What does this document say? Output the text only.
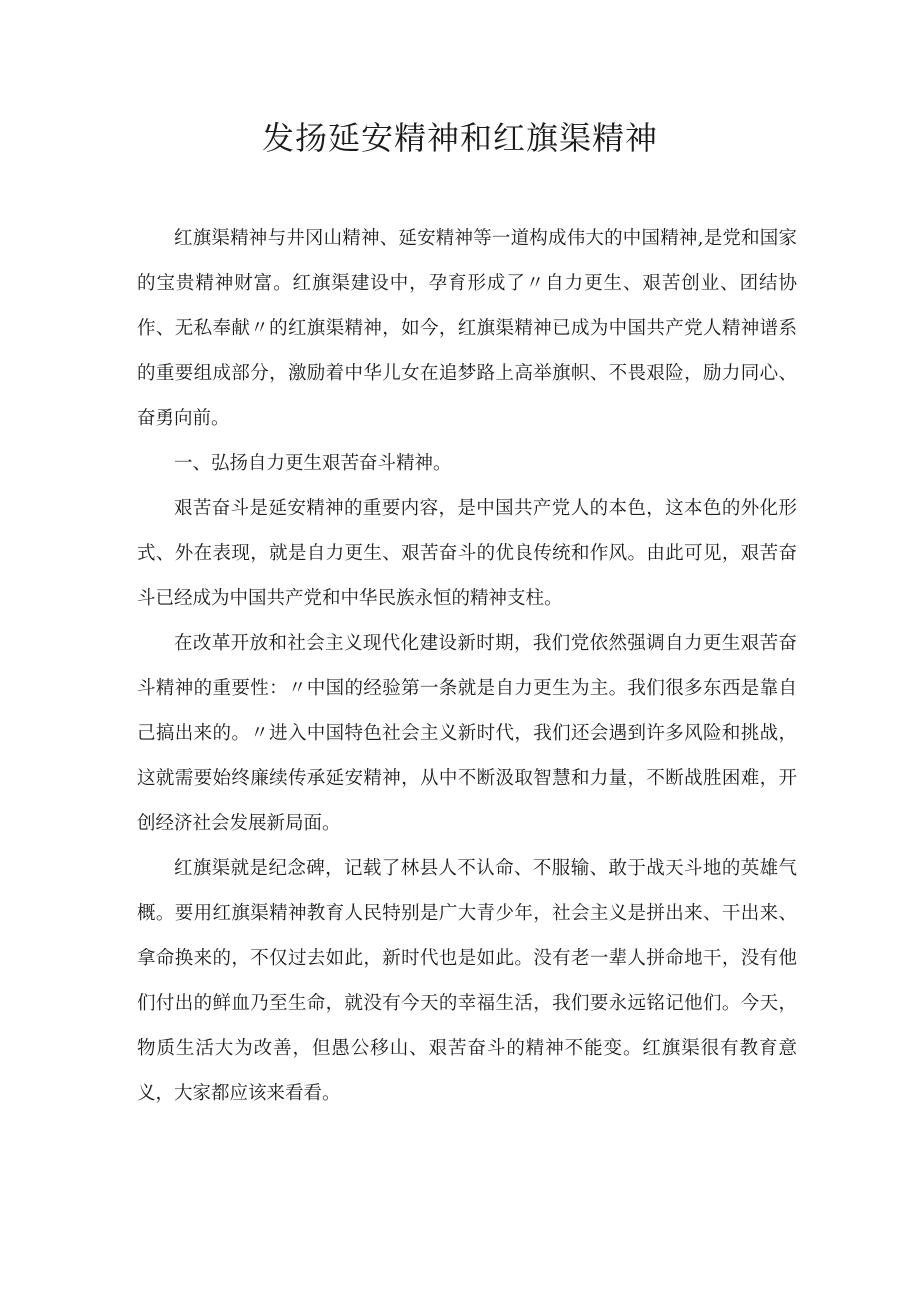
发扬延安精神和红旗渠精神

红旗渠精神与井冈山精神、延安精神等一道构成伟大的中国精神,是党和国家的宝贵精神财富。红旗渠建设中，孕育形成了〃自力更生、艰苦创业、团结协作、无私奉献〃的红旗渠精神，如今，红旗渠精神已成为中国共产党人精神谱系的重要组成部分，激励着中华儿女在追梦路上高举旗帜、不畏艰险，励力同心、奋勇向前。

一、弘扬自力更生艰苦奋斗精神。

艰苦奋斗是延安精神的重要内容，是中国共产党人的本色，这本色的外化形式、外在表现，就是自力更生、艰苦奋斗的优良传统和作风。由此可见，艰苦奋斗已经成为中国共产党和中华民族永恒的精神支柱。

在改革开放和社会主义现代化建设新时期，我们党依然强调自力更生艰苦奋斗精神的重要性：〃中国的经验第一条就是自力更生为主。我们很多东西是靠自己搞出来的。〃进入中国特色社会主义新时代，我们还会遇到许多风险和挑战，这就需要始终廉续传承延安精神，从中不断汲取智慧和力量，不断战胜困难，开创经济社会发展新局面。

红旗渠就是纪念碑，记载了林县人不认命、不服输、敢于战天斗地的英雄气概。要用红旗渠精神教育人民特别是广大青少年，社会主义是拼出来、干出来、拿命换来的，不仅过去如此，新时代也是如此。没有老一辈人拼命地干，没有他们付出的鲜血乃至生命，就没有今天的幸福生活，我们要永远铭记他们。今天，物质生活大为改善，但愚公移山、艰苦奋斗的精神不能变。红旗渠很有教育意义，大家都应该来看看。
